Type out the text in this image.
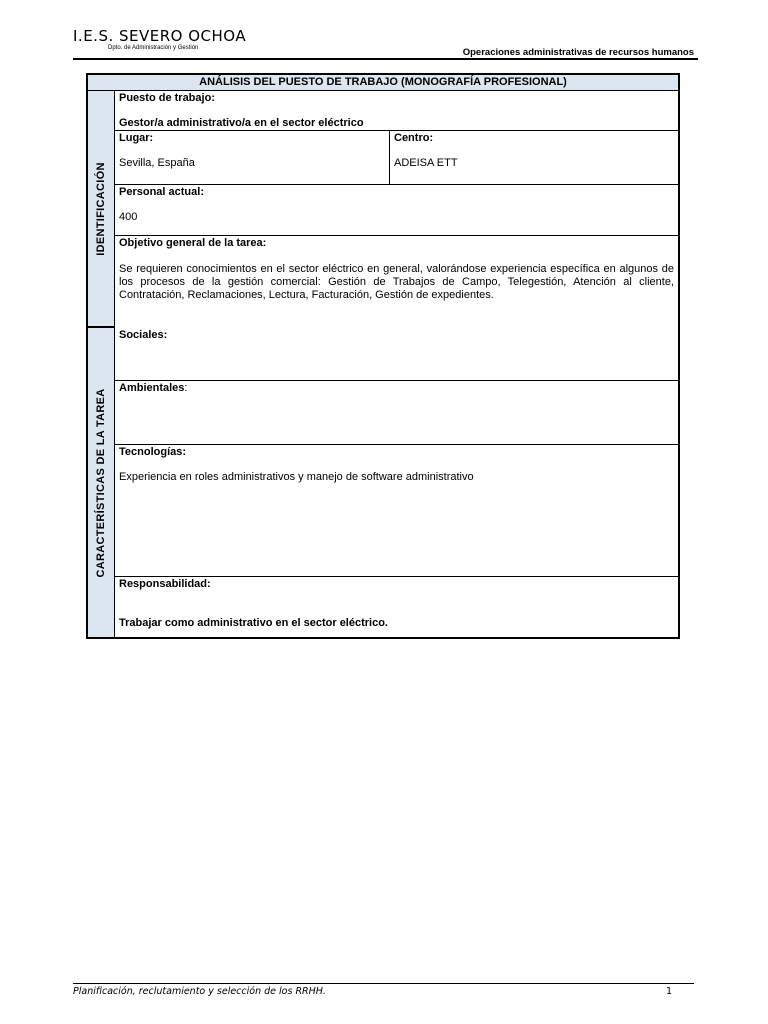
I.E.S. SEVERO OCHOA
Dpto. de Administración y Gestión	Operaciones administrativas de recursos humanos
ANÁLISIS DEL PUESTO DE TRABAJO (MONOGRAFÍA PROFESIONAL)
IDENTIFICACIÓN
CARACTERÍSTICAS DE LA TAREA
Puesto de trabajo:
Gestor/a administrativo/a en el sector eléctrico
Lugar:
Sevilla, España
Centro:
ADEISA ETT
Personal actual:
400
Objetivo general de la tarea:
Se requieren conocimientos en el sector eléctrico en general, valorándose experiencia específica en algunos de los procesos de la gestión comercial: Gestión de Trabajos de Campo, Telegestión, Atención al cliente, Contratación, Reclamaciones, Lectura, Facturación, Gestión de expedientes.
Sociales:
Ambientales:
Tecnologías:
Experiencia en roles administrativos y manejo de software administrativo
Responsabilidad:
Trabajar como administrativo en el sector eléctrico.
Planificación, reclutamiento y selección de los RRHH.	1
